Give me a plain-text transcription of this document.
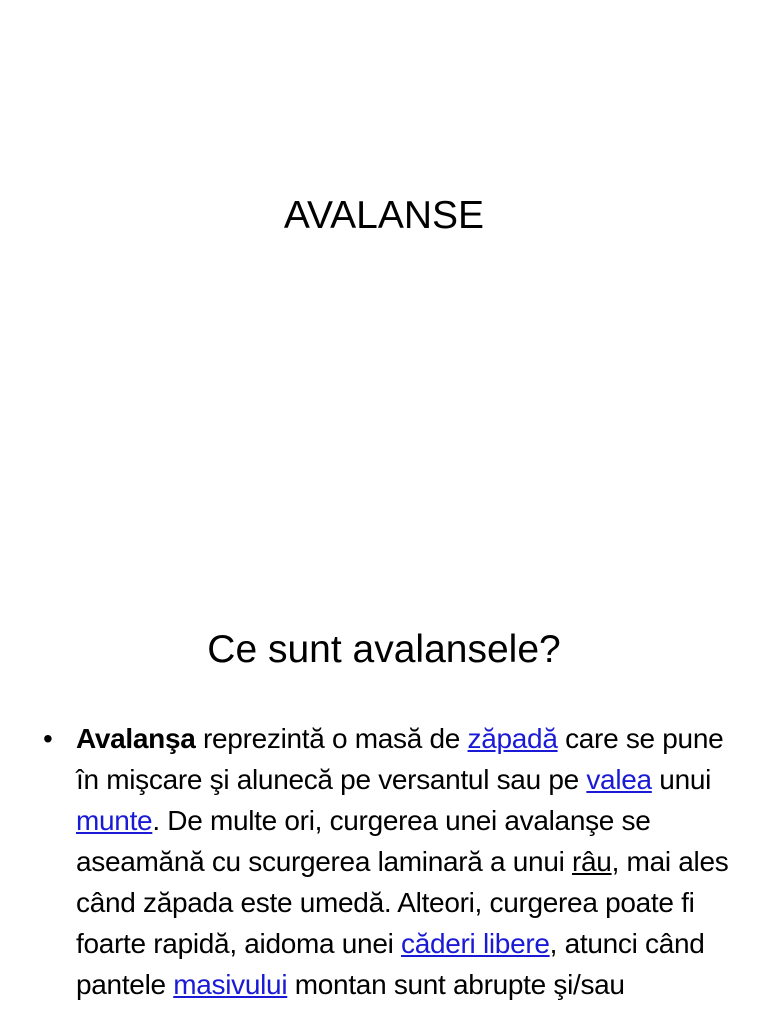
AVALANSE
Ce sunt avalansele?
• Avalanşa reprezintă o masă de zăpadă care se pune în mişcare şi alunecă pe versantul sau pe valea unui munte. De multe ori, curgerea unei avalanşe se aseamănă cu scurgerea laminară a unui râu, mai ales când zăpada este umedă. Alteori, curgerea poate fi foarte rapidă, aidoma unei căderi libere, atunci când pantele masivului montan sunt abrupte şi/sau
